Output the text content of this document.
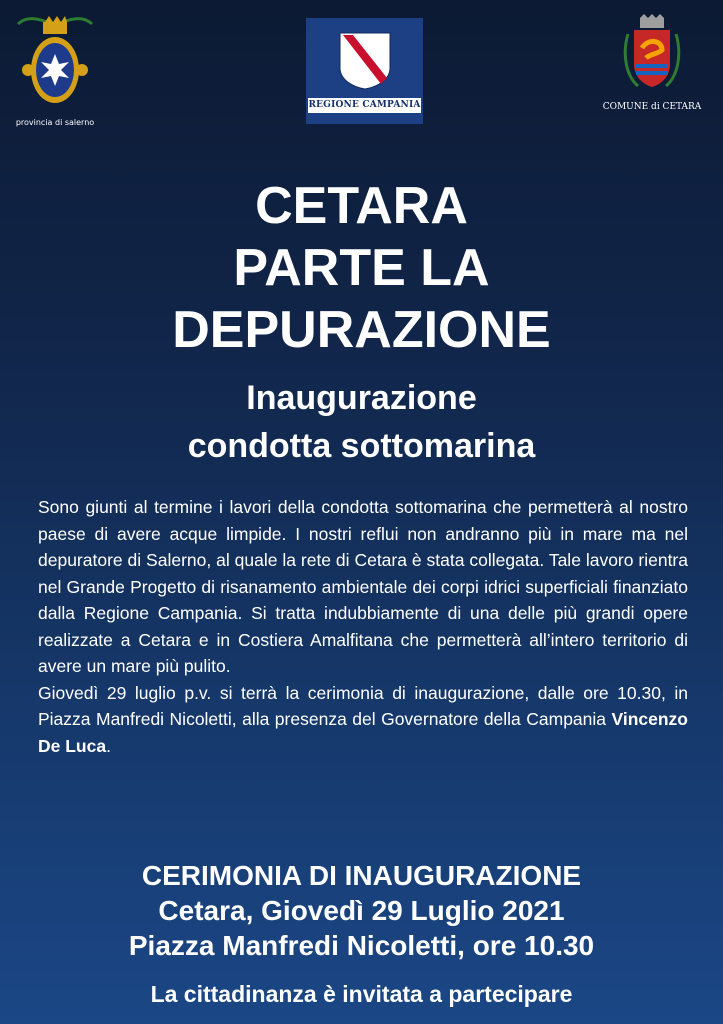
provincia di salerno
REGIONE CAMPANIA	COMUNE di CETARA
CETARA
PARTE LA
DEPURAZIONE
Inaugurazione
condotta sottomarina

Sono giunti al termine i lavori della condotta sottomarina che permetterà al nostro paese di avere acque limpide. I nostri reflui non andranno più in mare ma nel depuratore di Salerno, al quale la rete di Cetara è stata collegata. Tale lavoro rientra nel Grande Progetto di risanamento ambientale dei corpi idrici superficiali finanziato dalla Regione Campania. Si tratta indubbiamente di una delle più grandi opere realizzate a Cetara e in Costiera Amalfitana che permetterà all’intero territorio di avere un mare più pulito.

Giovedì 29 luglio p.v. si terrà la cerimonia di inaugurazione, dalle ore 10.30, in Piazza Manfredi Nicoletti, alla presenza del Governatore della Campania Vincenzo De Luca.

CERIMONIA DI INAUGURAZIONE
Cetara, Giovedì 29 Luglio 2021
Piazza Manfredi Nicoletti, ore 10.30
La cittadinanza è invitata a partecipare
